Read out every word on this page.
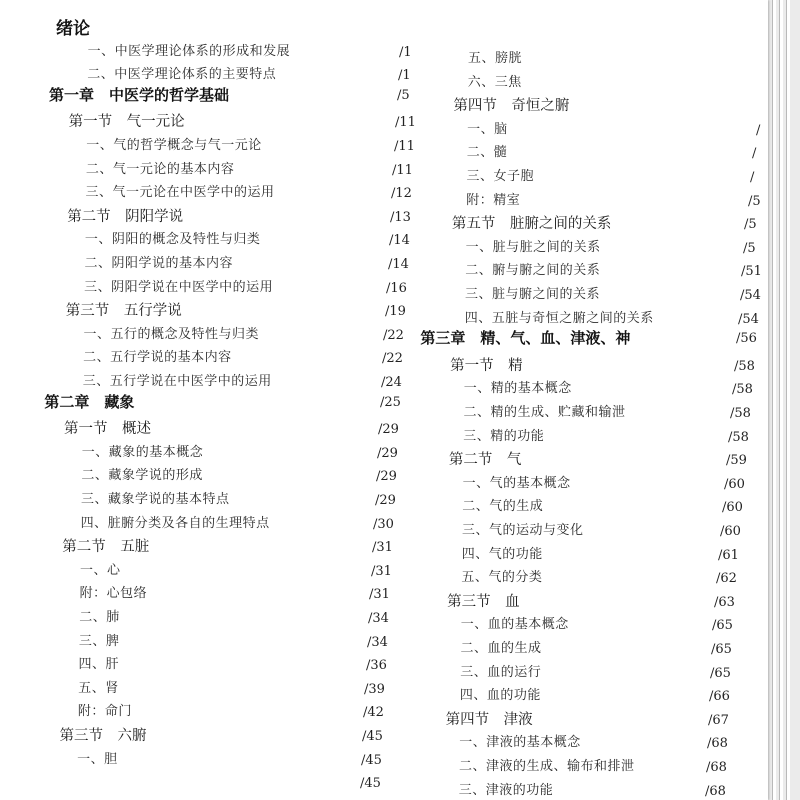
绪论
一、中医学理论体系的形成和发展	/1
二、中医学理论体系的主要特点	/1
第一章　中医学的哲学基础	/5
第一节　气一元论	/11
一、气的哲学概念与气一元论	/11
二、气一元论的基本内容	/11
三、气一元论在中医学中的运用	/12
第二节　阴阳学说	/13
一、阴阳的概念及特性与归类	/14
二、阴阳学说的基本内容	/14
三、阴阳学说在中医学中的运用	/16
第三节　五行学说	/19
一、五行的概念及特性与归类	/22
二、五行学说的基本内容	/22
三、五行学说在中医学中的运用	/24
第二章　藏象	/25
第一节　概述	/29
一、藏象的基本概念	/29
二、藏象学说的形成	/29
三、藏象学说的基本特点	/29
四、脏腑分类及各自的生理特点	/30
第二节　五脏	/31
一、心	/31
附：心包络	/31
二、肺	/34
三、脾	/34
四、肝	/36
五、肾	/39
附：命门	/42
第三节　六腑	/45
一、胆	/45
/45
五、膀胱
六、三焦
第四节　奇恒之腑
一、脑	/
二、髓	/
三、女子胞	/
附：精室	/5
第五节　脏腑之间的关系	/5
一、脏与脏之间的关系	/5
二、腑与腑之间的关系	/51
三、脏与腑之间的关系	/54
四、五脏与奇恒之腑之间的关系	/54
第三章　精、气、血、津液、神	/56
第一节　精	/58
一、精的基本概念	/58
二、精的生成、贮藏和输泄	/58
三、精的功能	/58
第二节　气	/59
一、气的基本概念	/60
二、气的生成	/60
三、气的运动与变化	/60
四、气的功能	/61
五、气的分类	/62
第三节　血	/63
一、血的基本概念	/65
二、血的生成	/65
三、血的运行	/65
四、血的功能	/66
第四节　津液	/67
一、津液的基本概念	/68
二、津液的生成、输布和排泄	/68
三、津液的功能	/68
